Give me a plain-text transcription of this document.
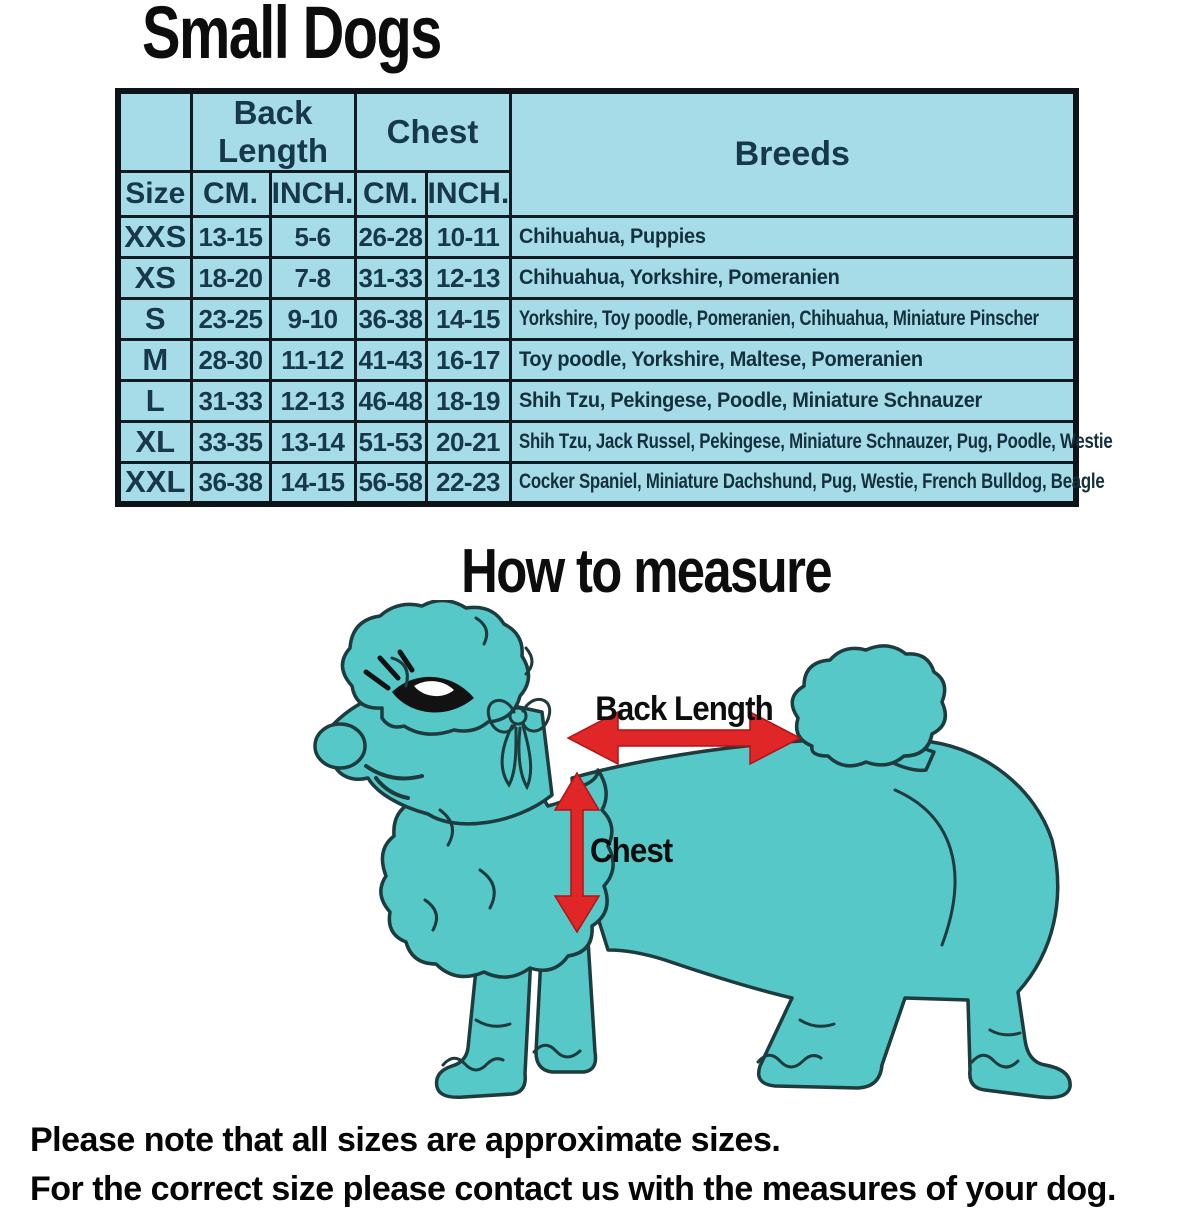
Small Dogs
	Back Length		Chest		Breeds
Size	CM.	INCH.	CM.	INCH.	
XXS	13-15	5-6	26-28	10-11	Chihuahua, Puppies
XS	18-20	7-8	31-33	12-13	Chihuahua, Yorkshire, Pomeranien
S	23-25	9-10	36-38	14-15	Yorkshire, Toy poodle, Pomeranien, Chihuahua, Miniature Pinscher
M	28-30	11-12	41-43	16-17	Toy poodle, Yorkshire, Maltese, Pomeranien
L	31-33	12-13	46-48	18-19	Shih Tzu, Pekingese, Poodle, Miniature Schnauzer
XL	33-35	13-14	51-53	20-21	Shih Tzu, Jack Russel, Pekingese, Miniature Schnauzer, Pug, Poodle, Westie
XXL	36-38	14-15	56-58	22-23	Cocker Spaniel, Miniature Dachshund, Pug, Westie, French Bulldog, Beagle
How to measure
Back Length
Chest
Please note that all sizes are approximate sizes.
For the correct size please contact us with the measures of your dog.
